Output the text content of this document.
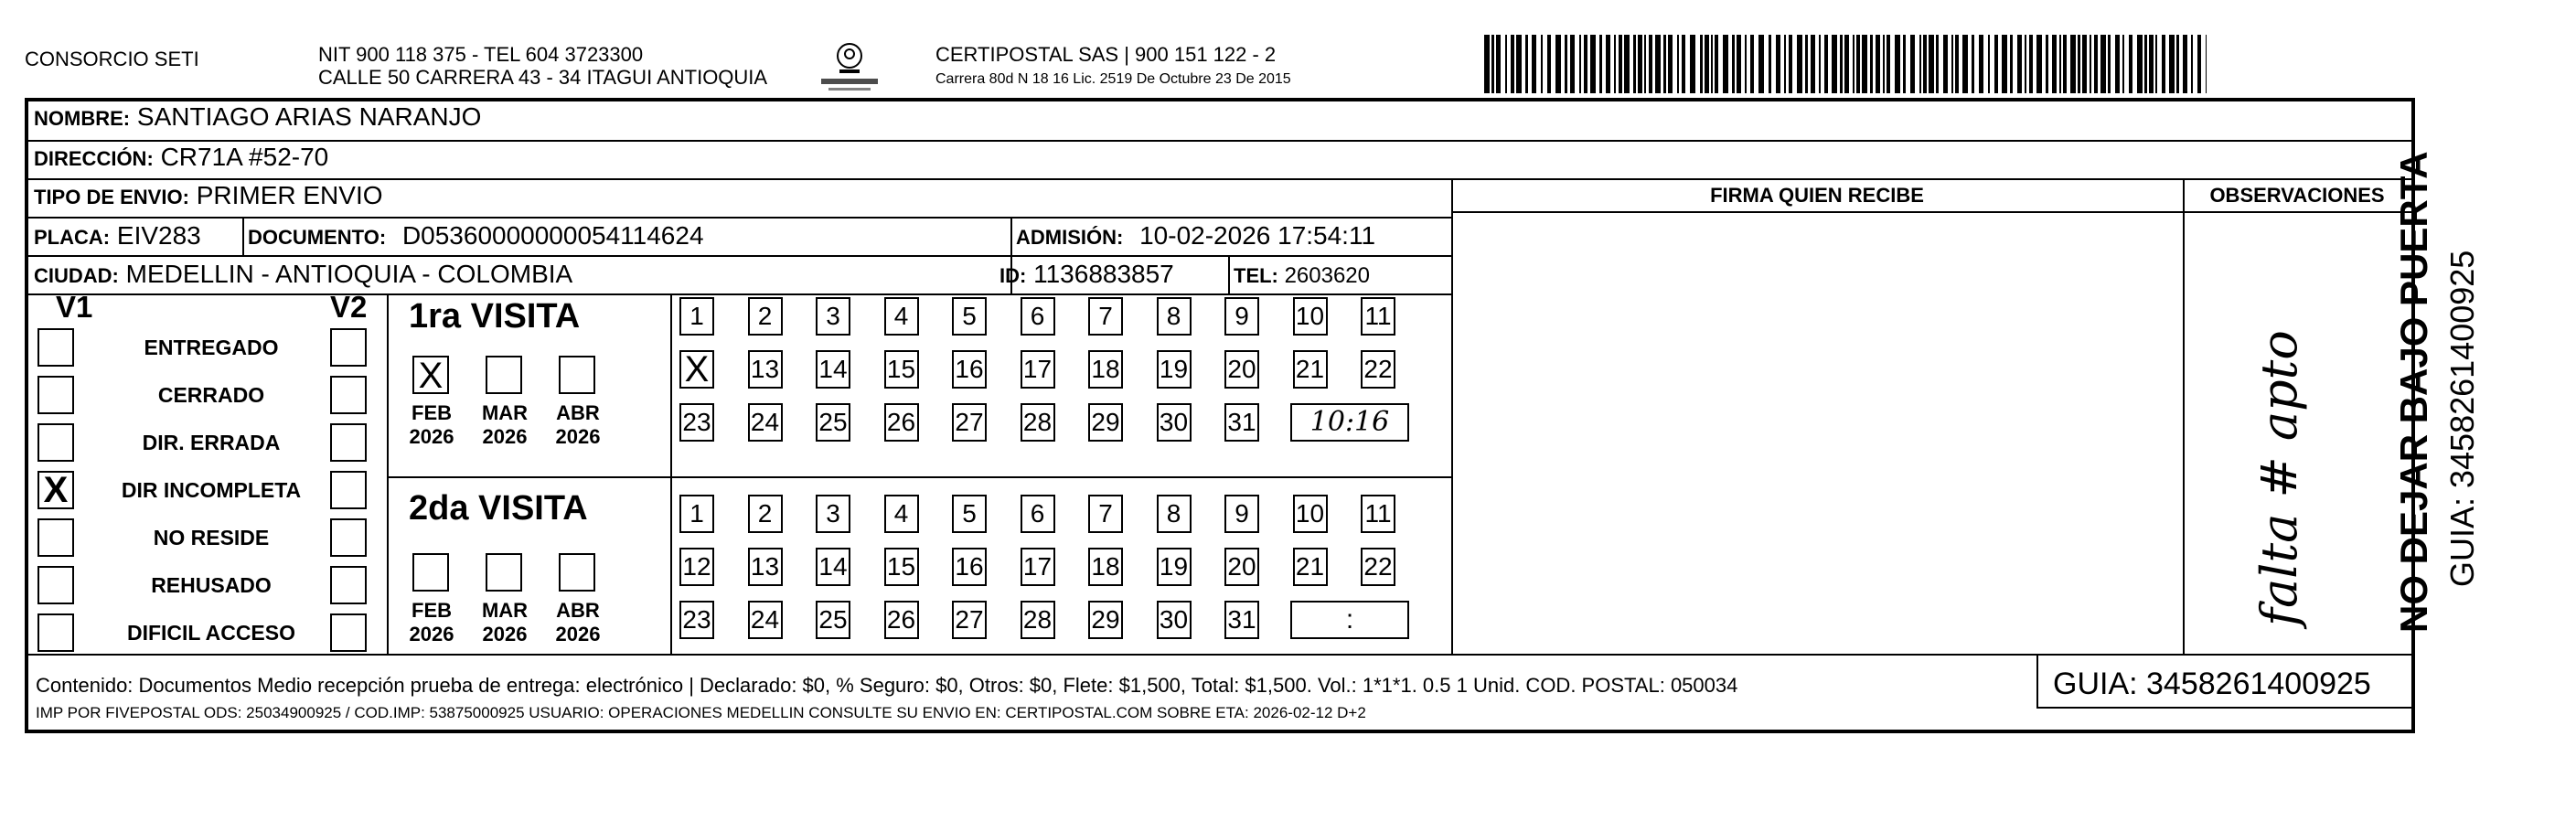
CONSORCIO SETI	NIT 900 118 375 - TEL 604 3723300
CALLE 50 CARRERA 43 - 34 ITAGUI ANTIOQUIA
CERTIPOSTAL SAS | 900 151 122 - 2
Carrera 80d N 18 16 Lic. 2519 De Octubre 23 De 2015
NOMBRE: SANTIAGO ARIAS NARANJO
DIRECCIÓN: CR71A #52-70
TIPO DE ENVIO: PRIMER ENVIO
PLACA: EIV283 DOCUMENTO: D05360000000054114624	ADMISIÓN: 10-02-2026 17:54:11
CIUDAD: MEDELLIN - ANTIOQUIA - COLOMBIA	ID: 1136883857	TEL: 2603620
FIRMA QUIEN RECIBE	OBSERVACIONES
falta # apto
V1	V2
ENTREGADO
CERRADO
DIR. ERRADA
X	DIR INCOMPLETA
NO RESIDE
REHUSADO
DIFICIL ACCESO
1ra VISITA
X
FEB
2026
MAR
2026
ABR
2026
1	2	3	4	5	6	7	8	9	10 11
X 13 14 15 16 17 18 19 20 21 22
23 24 25 26 27 28 29 30 31	10:16
2da VISITA
FEB
2026
MAR
2026
ABR
2026
1	2	3	4	5	6	7	8	9	10 11
12 13 14 15 16 17 18 19 20 21 22
23 24 25 26 27 28 29 30 31	:
Contenido: Documentos Medio recepción prueba de entrega: electrónico | Declarado: $0, % Seguro: $0, Otros: $0, Flete: $1,500, Total: $1,500. Vol.: 1*1*1. 0.5 1 Unid. COD. POSTAL: 050034
IMP POR FIVEPOSTAL ODS: 25034900925 / COD.IMP: 53875000925 USUARIO: OPERACIONES MEDELLIN CONSULTE SU ENVIO EN: CERTIPOSTAL.COM SOBRE ETA: 2026-02-12 D+2
GUIA: 3458261400925
NO DEJAR BAJO PUERTA GUIA: 3458261400925
